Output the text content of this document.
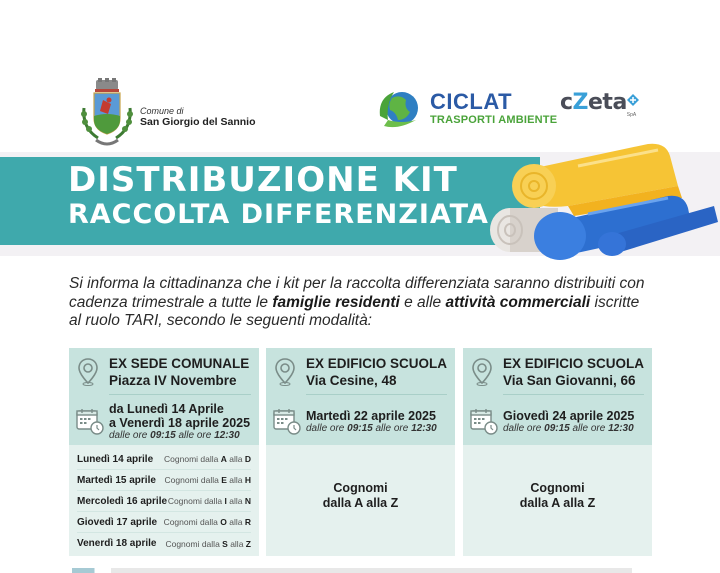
Comune di
San Giorgio del Sannio
CICLAT
TRASPORTI AMBIENTE
cZeta SpA
DISTRIBUZIONE KIT
RACCOLTA DIFFERENZIATA

Si informa la cittadinanza che i kit per la raccolta differenziata saranno distribuiti con cadenza trimestrale a tutte le famiglie residenti e alle attività commerciali iscritte al ruolo TARI, secondo le seguenti modalità:

EX SEDE COMUNALE
Piazza IV Novembre
da Lunedì 14 Aprile
a Venerdì 18 aprile 2025
dalle ore 09:15 alle ore 12:30
Lunedì 14 aprile	Cognomi dalla A alla D
Martedì 15 aprile	Cognomi dalla E alla H
Mercoledì 16 aprile Cognomi dalla I alla N
Giovedì 17 aprile Cognomi dalla O alla R
Venerdì 18 aprile	Cognomi dalla S alla Z
EX EDIFICIO SCUOLA
Via Cesine, 48
Martedì 22 aprile 2025
dalle ore 09:15 alle ore 12:30
Cognomi
dalla A alla Z
EX EDIFICIO SCUOLA
Via San Giovanni, 66
Giovedì 24 aprile 2025
dalle ore 09:15 alle ore 12:30
Cognomi
dalla A alla Z
